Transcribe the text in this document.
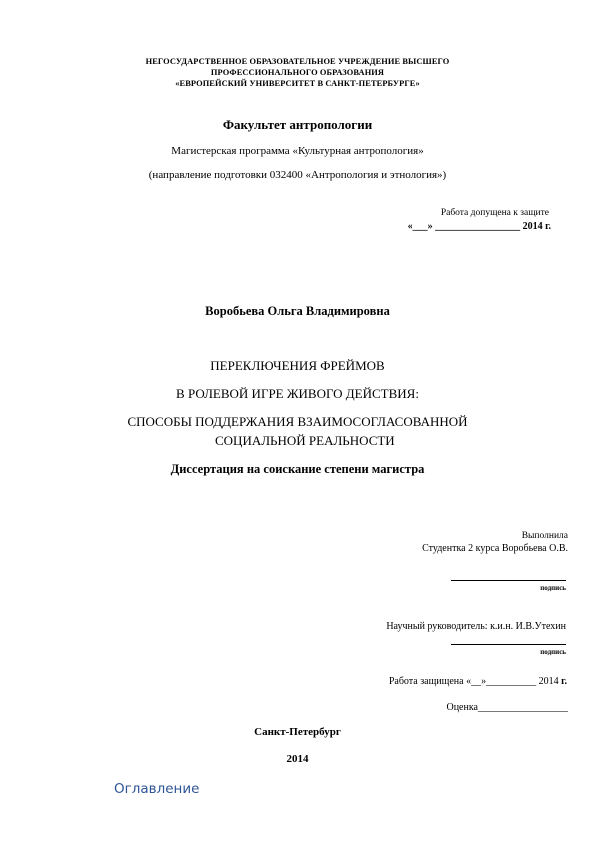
НЕГОСУДАРСТВЕННОЕ ОБРАЗОВАТЕЛЬНОЕ УЧРЕЖДЕНИЕ ВЫСШЕГО
ПРОФЕССИОНАЛЬНОГО ОБРАЗОВАНИЯ
«ЕВРОПЕЙСКИЙ УНИВЕРСИТЕТ В САНКТ-ПЕТЕРБУРГЕ»
Факультет антропологии
Магистерская программа «Культурная антропология»
(направление подготовки 032400 «Антропология и этнология»)
Работа допущена к защите
«___» _________________ 2014 г.
Воробьева Ольга Владимировна
ПЕРЕКЛЮЧЕНИЯ ФРЕЙМОВ
В РОЛЕВОЙ ИГРЕ ЖИВОГО ДЕЙСТВИЯ:
СПОСОБЫ ПОДДЕРЖАНИЯ ВЗАИМОСОГЛАСОВАННОЙ
СОЦИАЛЬНОЙ РЕАЛЬНОСТИ
Диссертация на соискание степени магистра
Выполнила
Студентка 2 курса Воробьева О.В.
подпись
Научный руководитель: к.и.н. И.В.Утехин
подпись
Работа защищена «__»__________ 2014 г.
Оценка__________________
Санкт-Петербург
2014
Оглавление
